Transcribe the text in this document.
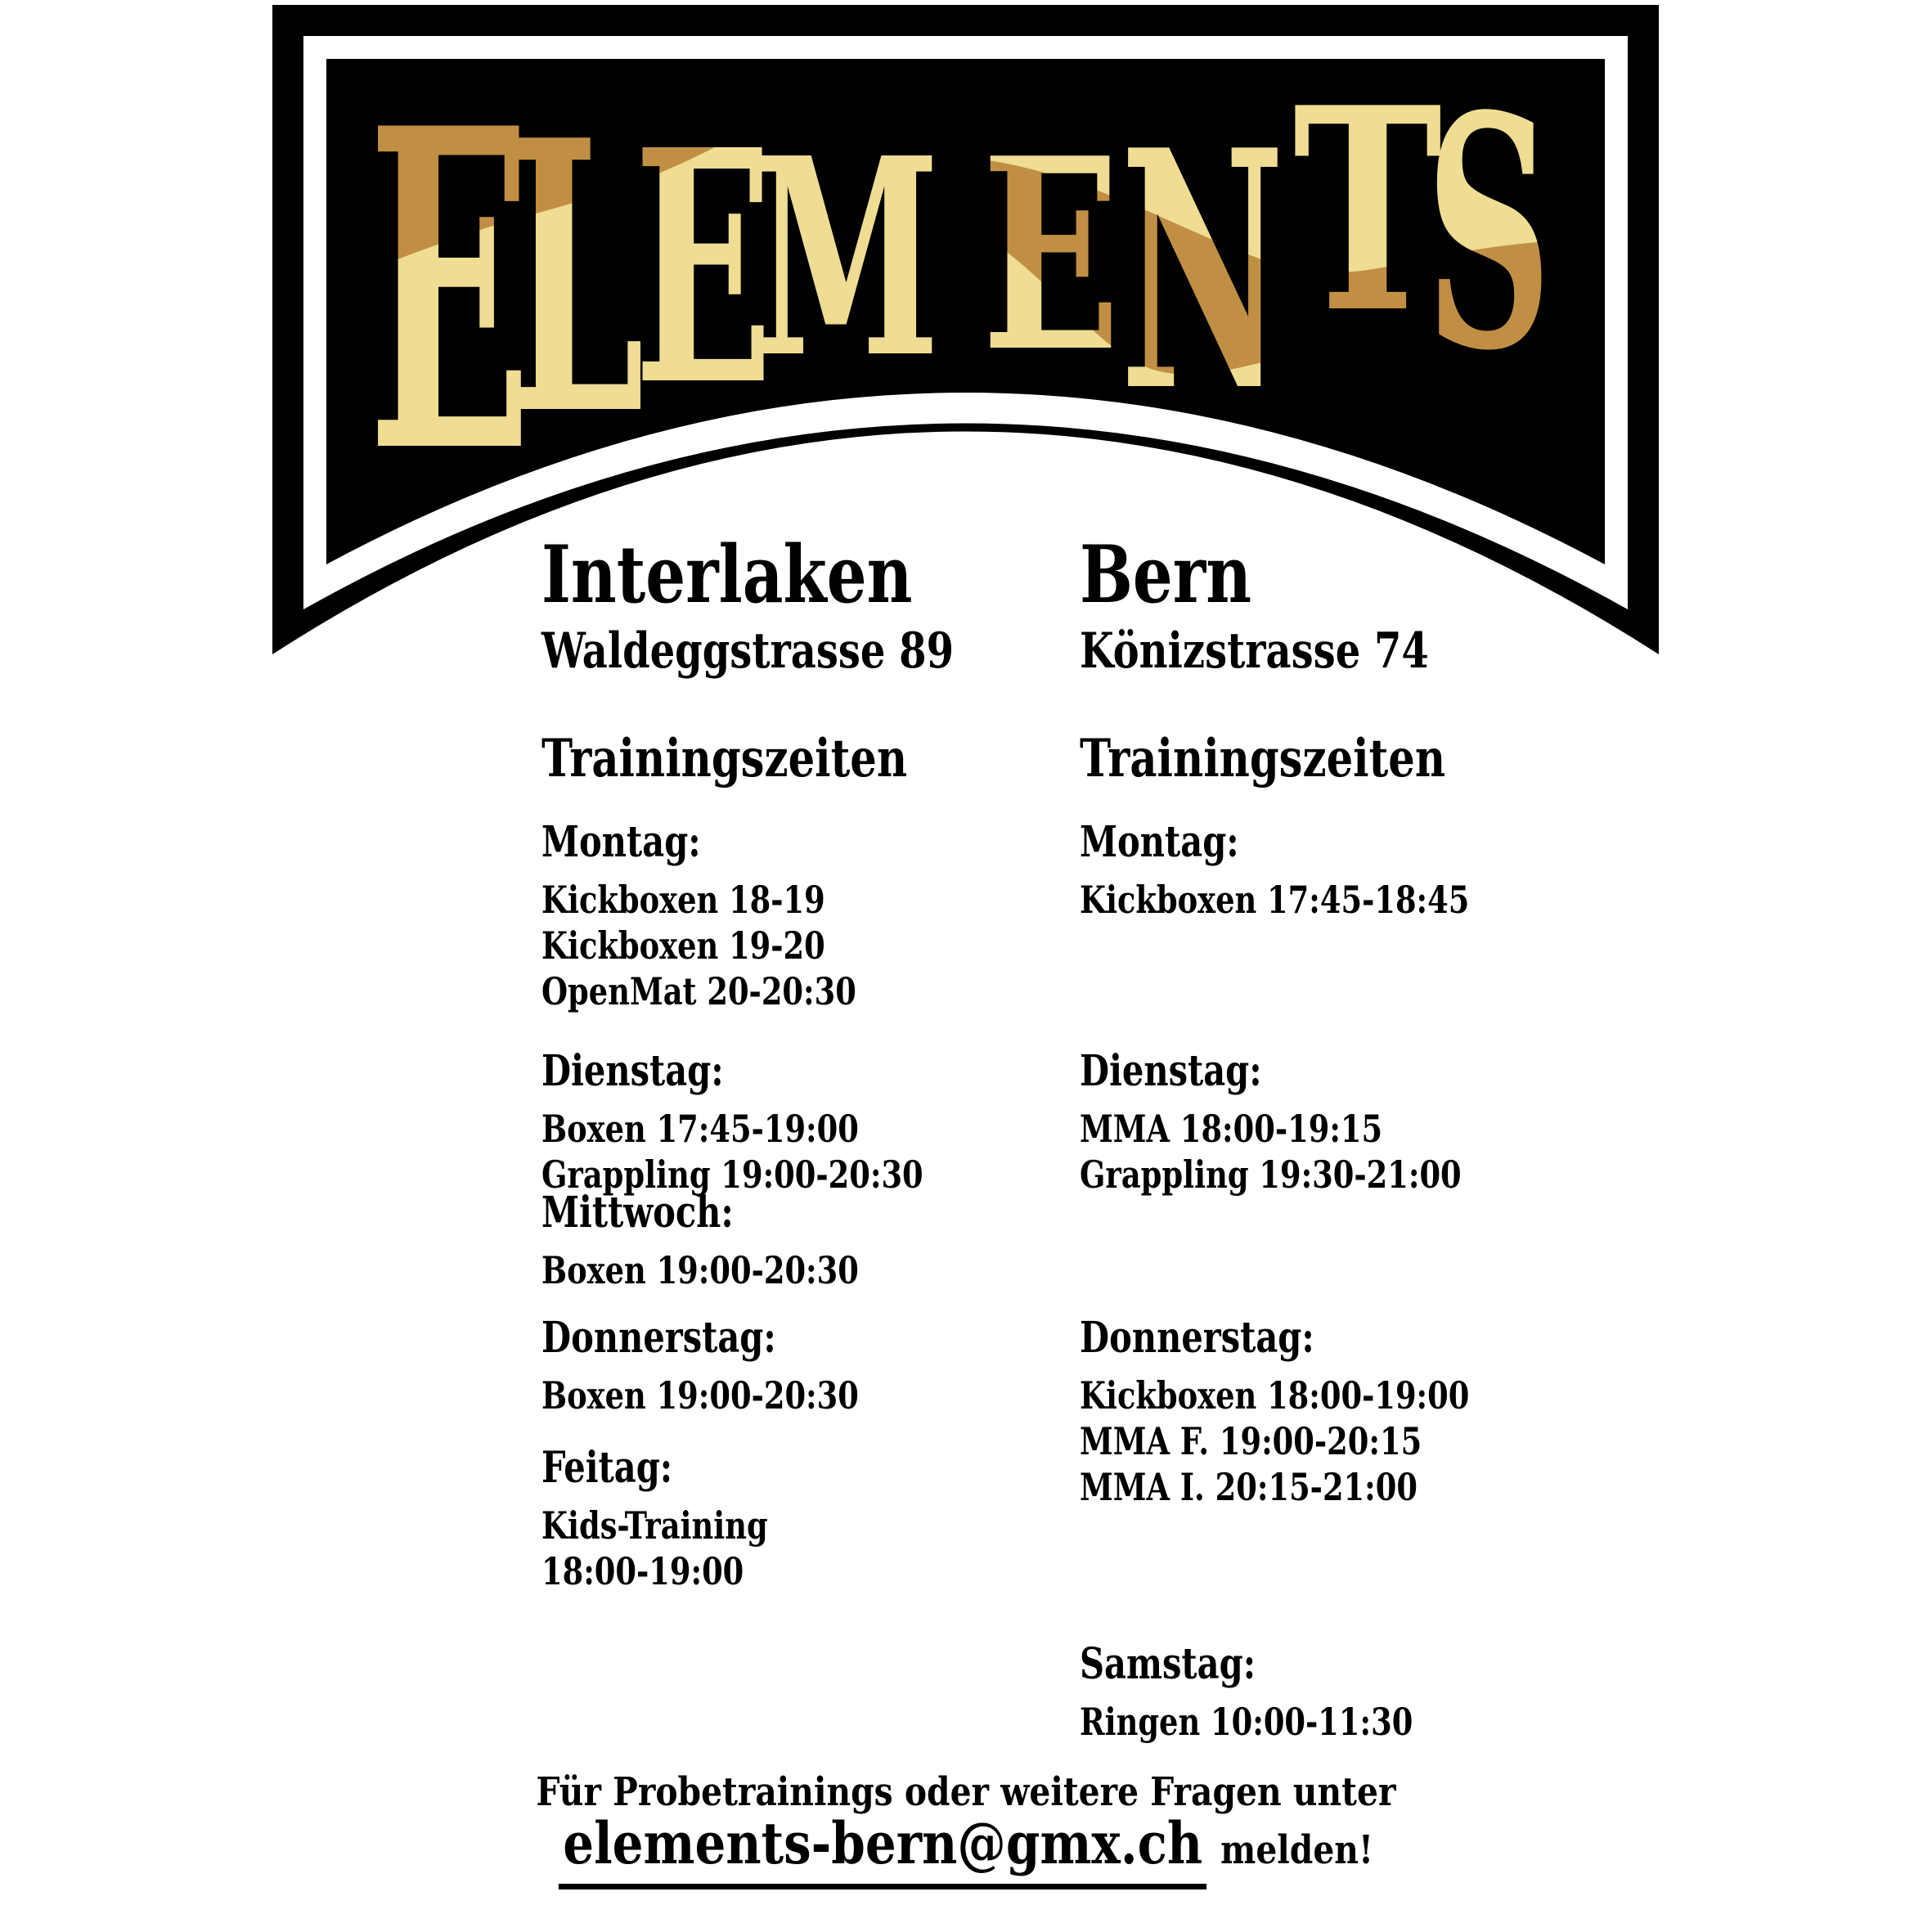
Interlaken
Waldeggstrasse 89
Trainingszeiten
Montag:
Kickboxen 18-19
Kickboxen 19-20
OpenMat 20-20:30
Dienstag:
Boxen 17:45-19:00
Grappling 19:00-20:30
Mittwoch:
Boxen 19:00-20:30
Donnerstag:
Boxen 19:00-20:30
Feitag:
Kids-Training
18:00-19:00
Bern
Könizstrasse 74
Trainingszeiten
Montag:
Kickboxen 17:45-18:45
Dienstag:
MMA 18:00-19:15
Grappling 19:30-21:00
Donnerstag:
Kickboxen 18:00-19:00
MMA F. 19:00-20:15
MMA I. 20:15-21:00
Samstag:
Ringen 10:00-11:30
Für Probetrainings oder weitere Fragen unter
elements-bern@gmx.ch melden!
